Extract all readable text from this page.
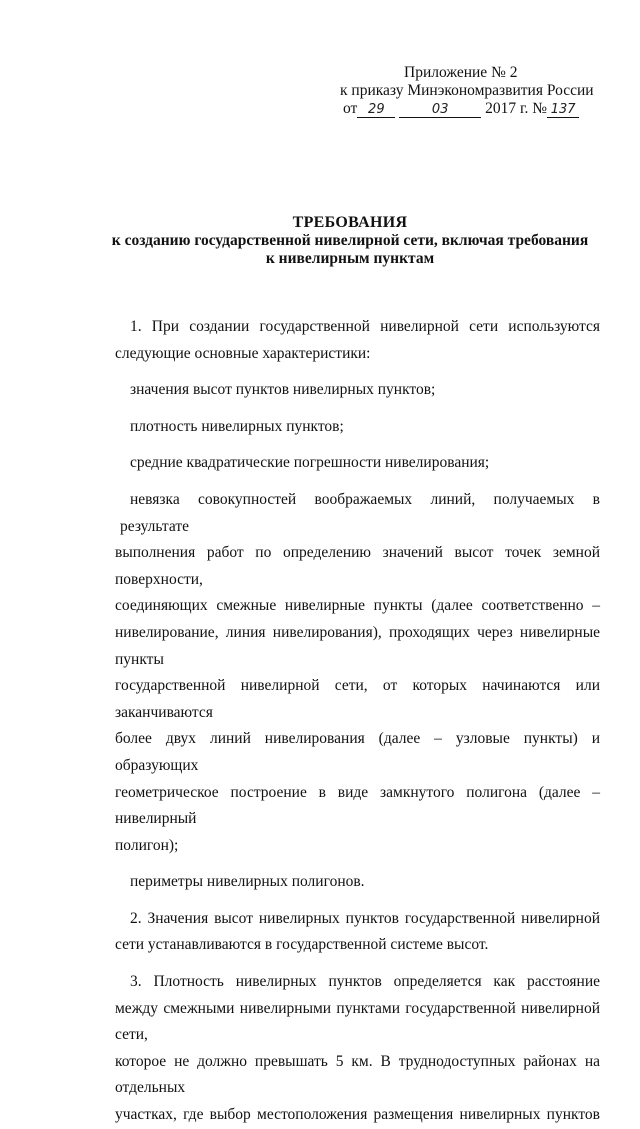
Приложение № 2
к приказу Минэкономразвития России
от 29	03 2017 г. № 137
ТРЕБОВАНИЯ
к созданию государственной нивелирной сети, включая требования
к нивелирным пунктам

1. При создании государственной нивелирной сети используются

следующие основные характеристики:

значения высот пунктов нивелирных пунктов;

плотность нивелирных пунктов;

средние квадратические погрешности нивелирования;

невязка совокупностей воображаемых линий, получаемых в результате

выполнения работ по определению значений высот точек земной поверхности,

соединяющих смежные нивелирные пункты (далее соответственно –

нивелирование, линия нивелирования), проходящих через нивелирные пункты

государственной нивелирной сети, от которых начинаются или заканчиваются

более двух линий нивелирования (далее – узловые пункты) и образующих

геометрическое построение в виде замкнутого полигона (далее – нивелирный

полигон);

периметры нивелирных полигонов.

2. Значения высот нивелирных пунктов государственной нивелирной

сети устанавливаются в государственной системе высот.

3. Плотность нивелирных пунктов определяется как расстояние

между смежными нивелирными пунктами государственной нивелирной сети,

которое не должно превышать 5 км. В труднодоступных районах на отдельных

участках, где выбор местоположения размещения нивелирных пунктов
